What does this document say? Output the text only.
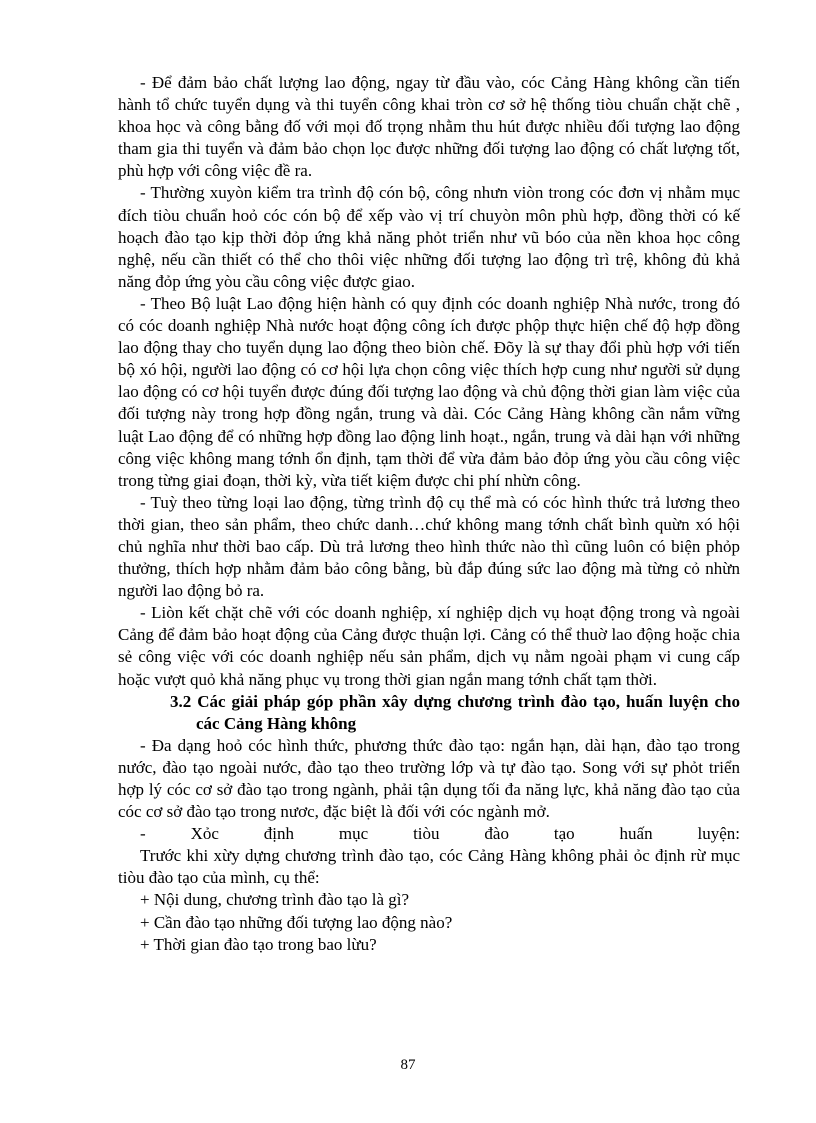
- Để đảm bảo chất lượng lao động, ngay từ đầu vào, cóc Cảng Hàng không cần tiến hành tổ chức tuyển dụng và thi tuyển công khai tròn cơ sở hệ thống tiòu chuẩn chặt chẽ , khoa học và công bằng đố với mọi đố trọng nhằm thu hút được nhiều đối tượng lao động tham gia thi tuyển và đảm bảo chọn lọc được những đối tượng lao động có chất lượng tốt, phù hợp với công việc đề ra.

- Thường xuyòn kiểm tra trình độ cón bộ, công nhưn viòn trong cóc đơn vị nhằm mục đích tiòu chuẩn hoỏ cóc cón bộ để xếp vào vị trí chuyòn môn phù hợp, đồng thời có kế hoạch đào tạo kịp thời đỏp ứng khả năng phỏt triển như vũ bóo của nền khoa học công nghệ, nếu cần thiết có thể cho thôi việc những đối tượng lao động trì trệ, không đủ khả năng đỏp ứng yòu cầu công việc được giao.

- Theo Bộ luật Lao động hiện hành có quy định cóc doanh nghiệp Nhà nước, trong đó có cóc doanh nghiệp Nhà nước hoạt động công ích được phộp thực hiện chế độ hợp đồng lao động thay cho tuyển dụng lao động theo biòn chế. Đõy là sự thay đổi phù hợp với tiến bộ xó hội, người lao động có cơ hội lựa chọn công việc thích hợp cung như người sử dụng lao động có cơ hội tuyển được đúng đối tượng lao động và chủ động thời gian làm việc của đối tượng này trong hợp đồng ngắn, trung và dài. Cóc Cảng Hàng không cần nắm vững luật Lao động để có những hợp đồng lao động linh hoạt., ngắn, trung và dài hạn với những công việc không mang tớnh ổn định, tạm thời để vừa đảm bảo đỏp ứng yòu cầu công việc trong từng giai đoạn, thời kỳ, vừa tiết kiệm được chi phí nhừn công.

- Tuỳ theo từng loại lao động, từng trình độ cụ thể mà có cóc hình thức trả lương theo thời gian, theo sản phẩm, theo chức danh…chứ không mang tớnh chất bình quừn xó hội chủ nghĩa như thời bao cấp. Dù trả lương theo hình thức nào thì cũng luôn có biện phỏp thưởng, thích hợp nhằm đảm bảo công bằng, bù đắp đúng sức lao động mà từng cỏ nhừn người lao động bỏ ra.

- Liòn kết chặt chẽ với cóc doanh nghiệp, xí nghiệp dịch vụ hoạt động trong và ngoài Cảng để đảm bảo hoạt động của Cảng được thuận lợi. Cảng có thể thuờ lao động hoặc chia sẻ công việc với cóc doanh nghiệp nếu sản phẩm, dịch vụ nằm ngoài phạm vi cung cấp hoặc vượt quỏ khả năng phục vụ trong thời gian ngắn mang tớnh chất tạm thời.

3.2 Các giải pháp góp phần xây dựng chương trình đào tạo, huấn luyện cho các Cảng Hàng không

- Đa dạng hoỏ cóc hình thức, phương thức đào tạo: ngắn hạn, dài hạn, đào tạo trong nước, đào tạo ngoài nước, đào tạo theo trường lớp và tự đào tạo. Song với sự phỏt triển hợp lý cóc cơ sở đào tạo trong ngành, phải tận dụng tối đa năng lực, khả năng đào tạo của cóc cơ sở đào tạo trong nươc, đặc biệt là đối với cóc ngành mở.

- Xỏc định mục tiòu đào tạo huấn luyện:

Trước khi xừy dựng chương trình đào tạo, cóc Cảng Hàng không phải ỏc định rừ mục tiòu đào tạo của mình, cụ thể:

+ Nội dung, chương trình đào tạo là gì?

+ Cần đào tạo những đối tượng lao động nào?

+ Thời gian đào tạo trong bao lừu?

87
